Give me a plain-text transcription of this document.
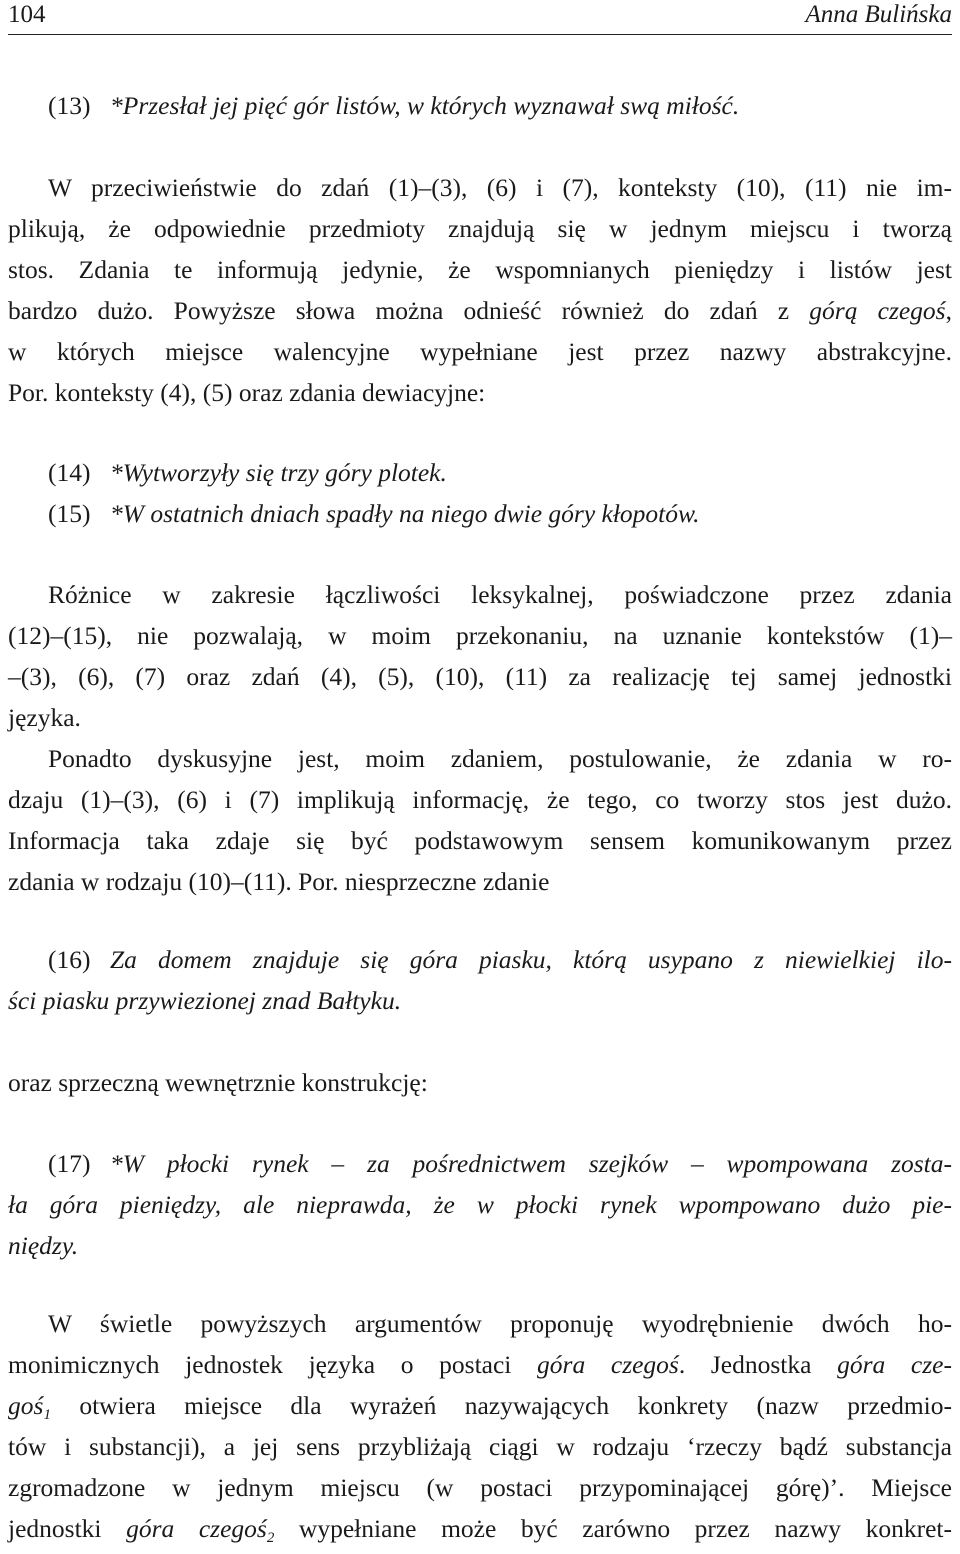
104	Anna Bulińska
(13) *Przesłał jej pięć gór listów, w których wyznawał swą miłość.
W przeciwieństwie do zdań (1)–(3), (6) i (7), konteksty (10), (11) nie im-
plikują, że odpowiednie przedmioty znajdują się w jednym miejscu i tworzą
stos. Zdania te informują jedynie, że wspomnianych pieniędzy i listów jest
bardzo dużo. Powyższe słowa można odnieść również do zdań z górą czegoś,
w których miejsce walencyjne wypełniane jest przez nazwy abstrakcyjne.
Por. konteksty (4), (5) oraz zdania dewiacyjne:
(14) *Wytworzyły się trzy góry plotek.
(15) *W ostatnich dniach spadły na niego dwie góry kłopotów.
Różnice w zakresie łączliwości leksykalnej, poświadczone przez zdania
(12)–(15), nie pozwalają, w moim przekonaniu, na uznanie kontekstów (1)–
–(3), (6), (7) oraz zdań (4), (5), (10), (11) za realizację tej samej jednostki
języka.
Ponadto dyskusyjne jest, moim zdaniem, postulowanie, że zdania w ro-
dzaju (1)–(3), (6) i (7) implikują informację, że tego, co tworzy stos jest dużo.
Informacja taka zdaje się być podstawowym sensem komunikowanym przez
zdania w rodzaju (10)–(11). Por. niesprzeczne zdanie
(16) Za domem znajduje się góra piasku, którą usypano z niewielkiej ilo-
ści piasku przywiezionej znad Bałtyku.
oraz sprzeczną wewnętrznie konstrukcję:
(17) *W płocki rynek – za pośrednictwem szejków – wpompowana zosta-
ła góra pieniędzy, ale nieprawda, że w płocki rynek wpompowano dużo pie-
niędzy.
W świetle powyższych argumentów proponuję wyodrębnienie dwóch ho-
monimicznych jednostek języka o postaci góra czegoś. Jednostka góra cze-
goś$_1$ otwiera miejsce dla wyrażeń nazywających konkrety (nazw przedmio-
tów i substancji), a jej sens przybliżają ciągi w rodzaju ‘rzeczy bądź substancja
zgromadzone w jednym miejscu (w postaci przypominającej górę)’. Miejsce
jednostki góra czegoś$_2$ wypełniane może być zarówno przez nazwy konkret-
